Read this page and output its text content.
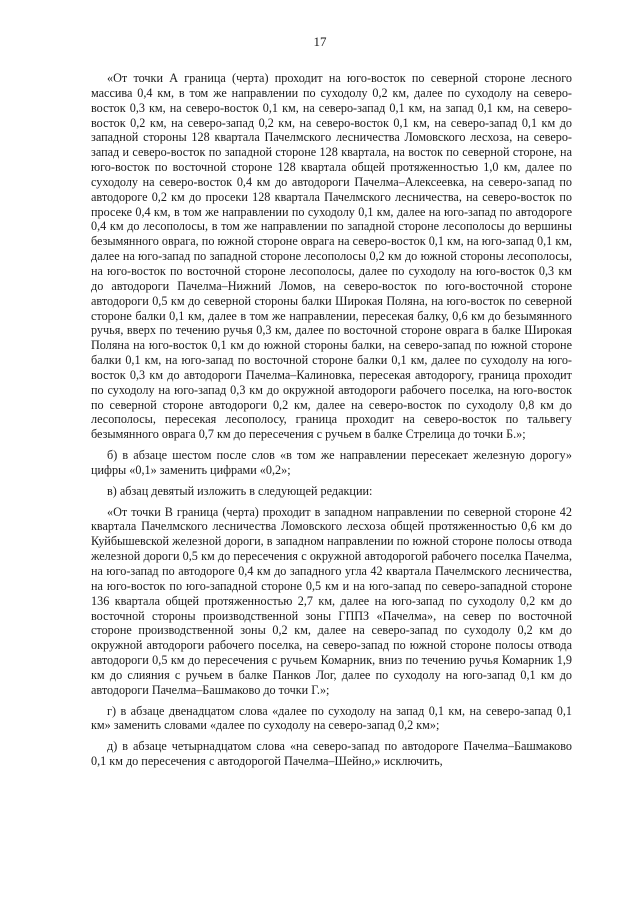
17

«От точки А граница (черта) проходит на юго-восток по северной стороне лесного массива 0,4 км, в том же направлении по суходолу 0,2 км, далее по суходолу на северо-восток 0,3 км, на северо-восток 0,1 км, на северо-запад 0,1 км, на запад 0,1 км, на северо-восток 0,2 км, на северо-запад 0,2 км, на северо-восток 0,1 км, на северо-запад 0,1 км до западной стороны 128 квартала Пачелмского лесничества Ломовского лесхоза, на северо-запад и северо-восток по западной стороне 128 квартала, на восток по северной стороне, на юго-восток по восточной стороне 128 квартала общей протяженностью 1,0 км, далее по суходолу на северо-восток 0,4 км до автодороги Пачелма–Алексеевка, на северо-запад по автодороге 0,2 км до просеки 128 квартала Пачелмского лесничества, на северо-восток по просеке 0,4 км, в том же направлении по суходолу 0,1 км, далее на юго-запад по автодороге 0,4 км до лесополосы, в том же направлении по западной стороне лесополосы до вершины безымянного оврага, по южной стороне оврага на северо-восток 0,1 км, на юго-запад 0,1 км, далее на юго-запад по западной стороне лесополосы 0,2 км до южной стороны лесополосы, на юго-восток по восточной стороне лесополосы, далее по суходолу на юго-восток 0,3 км до автодороги Пачелма–Нижний Ломов, на северо-восток по юго-восточной стороне автодороги 0,5 км до северной стороны балки Широкая Поляна, на юго-восток по северной стороне балки 0,1 км, далее в том же направлении, пересекая балку, 0,6 км до безымянного ручья, вверх по течению ручья 0,3 км, далее по восточной стороне оврага в балке Широкая Поляна на юго-восток 0,1 км до южной стороны балки, на северо-запад по южной стороне балки 0,1 км, на юго-запад по восточной стороне балки 0,1 км, далее по суходолу на юго-восток 0,3 км до автодороги Пачелма–Калиновка, пересекая автодорогу, граница проходит по суходолу на юго-запад 0,3 км до окружной автодороги рабочего поселка, на юго-восток по северной стороне автодороги 0,2 км, далее на северо-восток по суходолу 0,8 км до лесополосы, пересекая лесополосу, граница проходит на северо-восток по тальвегу безымянного оврага 0,7 км до пересечения с ручьем в балке Стрелица до точки Б.»;

б) в абзаце шестом после слов «в том же направлении пересекает железную дорогу» цифры «0,1» заменить цифрами «0,2»;

в) абзац девятый изложить в следующей редакции:

«От точки В граница (черта) проходит в западном направлении по северной стороне 42 квартала Пачелмского лесничества Ломовского лесхоза общей протяженностью 0,6 км до Куйбышевской железной дороги, в западном направлении по южной стороне полосы отвода железной дороги 0,5 км до пересечения с окружной автодорогой рабочего поселка Пачелма, на юго-запад по автодороге 0,4 км до западного угла 42 квартала Пачелмского лесничества, на юго-восток по юго-западной стороне 0,5 км и на юго-запад по северо-западной стороне 136 квартала общей протяженностью 2,7 км, далее на юго-запад по суходолу 0,2 км до восточной стороны производственной зоны ГППЗ «Пачелма», на север по восточной стороне производственной зоны 0,2 км, далее на северо-запад по суходолу 0,2 км до окружной автодороги рабочего поселка, на северо-запад по южной стороне полосы отвода автодороги 0,5 км до пересечения с ручьем Комарник, вниз по течению ручья Комарник 1,9 км до слияния с ручьем в балке Панков Лог, далее по суходолу на юго-запад 0,1 км до автодороги Пачелма–Башмаково до точки Г.»;

г) в абзаце двенадцатом слова «далее по суходолу на запад 0,1 км, на северо-запад 0,1 км» заменить словами «далее по суходолу на северо-запад 0,2 км»;

д) в абзаце четырнадцатом слова «на северо-запад по автодороге Пачелма–Башмаково 0,1 км до пересечения с автодорогой Пачелма–Шейно,» исключить,
